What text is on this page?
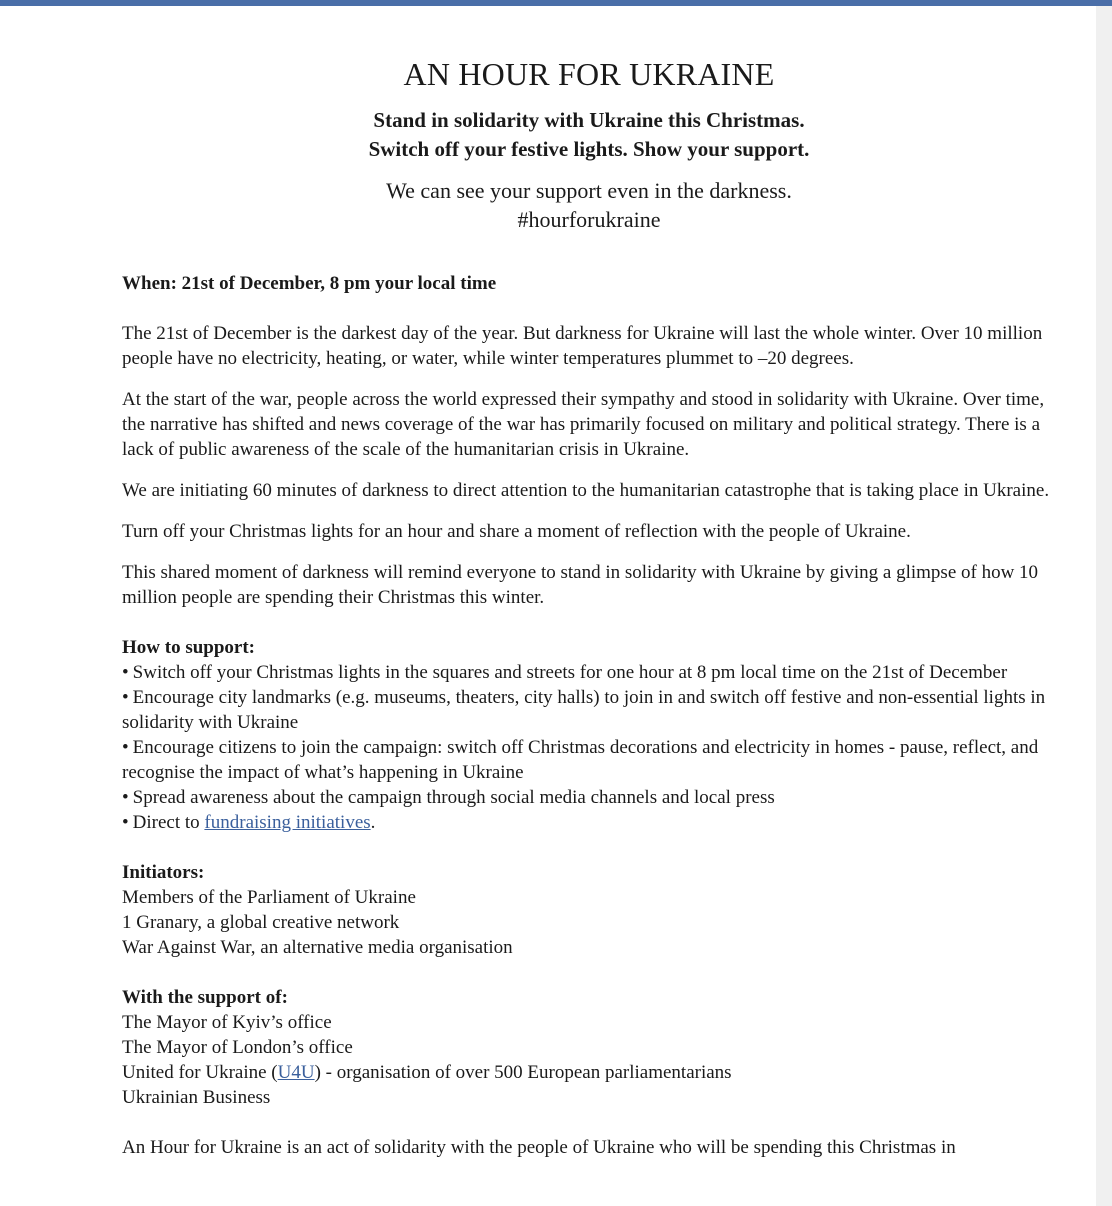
AN HOUR FOR UKRAINE
Stand in solidarity with Ukraine this Christmas.
Switch off your festive lights. Show your support.
We can see your support even in the darkness.
#hourforukraine
When: 21st of December, 8 pm your local time

The 21st of December is the darkest day of the year. But darkness for Ukraine will last the whole winter. Over 10 million people have no electricity, heating, or water, while winter temperatures plummet to –20 degrees.

At the start of the war, people across the world expressed their sympathy and stood in solidarity with Ukraine. Over time, the narrative has shifted and news coverage of the war has primarily focused on military and political strategy. There is a lack of public awareness of the scale of the humanitarian crisis in Ukraine.

We are initiating 60 minutes of darkness to direct attention to the humanitarian catastrophe that is taking place in Ukraine.

Turn off your Christmas lights for an hour and share a moment of reflection with the people of Ukraine.

This shared moment of darkness will remind everyone to stand in solidarity with Ukraine by giving a glimpse of how 10 million people are spending their Christmas this winter.

How to support:
• Switch off your Christmas lights in the squares and streets for one hour at 8 pm local time on the 21st of December
• Encourage city landmarks (e.g. museums, theaters, city halls) to join in and switch off festive and non-essential lights in solidarity with Ukraine
• Encourage citizens to join the campaign: switch off Christmas decorations and electricity in homes - pause, reflect, and recognise the impact of what’s happening in Ukraine
• Spread awareness about the campaign through social media channels and local press
• Direct to fundraising initiatives.
Initiators:
Members of the Parliament of Ukraine
1 Granary, a global creative network
War Against War, an alternative media organisation
With the support of:
The Mayor of Kyiv’s office
The Mayor of London’s office
United for Ukraine (U4U) - organisation of over 500 European parliamentarians
Ukrainian Business
An Hour for Ukraine is an act of solidarity with the people of Ukraine who will be spending this Christmas in
